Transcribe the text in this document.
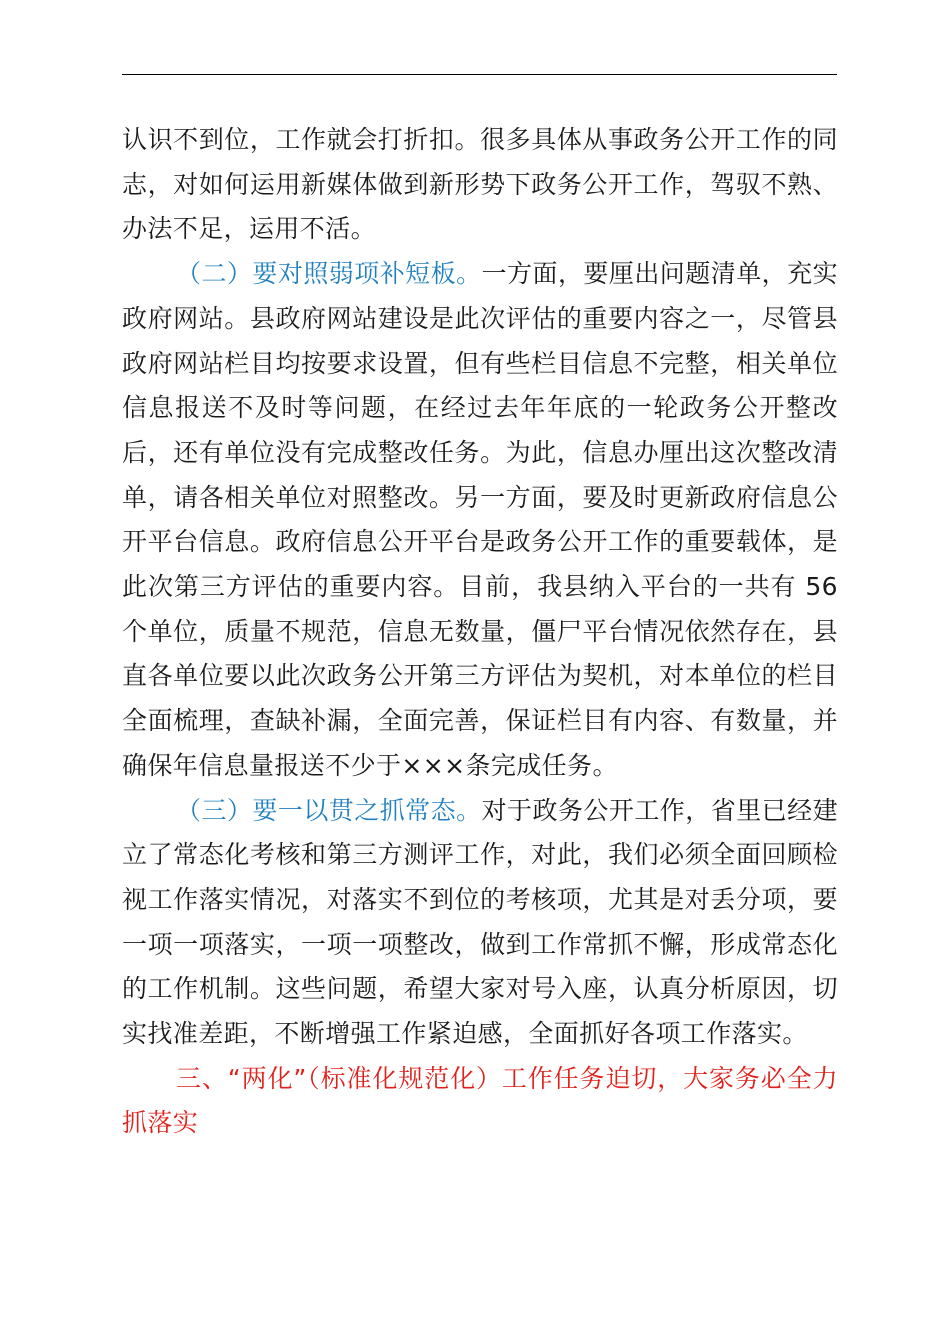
认识不到位，工作就会打折扣。很多具体从事政务公开工作的同志，对如何运用新媒体做到新形势下政务公开工作，驾驭不熟、办法不足，运用不活。

（二）要对照弱项补短板。一方面，要厘出问题清单，充实政府网站。县政府网站建设是此次评估的重要内容之一，尽管县政府网站栏目均按要求设置，但有些栏目信息不完整，相关单位信息报送不及时等问题，在经过去年年底的一轮政务公开整改后，还有单位没有完成整改任务。为此，信息办厘出这次整改清单，请各相关单位对照整改。另一方面，要及时更新政府信息公开平台信息。政府信息公开平台是政务公开工作的重要载体，是此次第三方评估的重要内容。目前，我县纳入平台的一共有 56 个单位，质量不规范，信息无数量，僵尸平台情况依然存在，县直各单位要以此次政务公开第三方评估为契机，对本单位的栏目全面梳理，查缺补漏，全面完善，保证栏目有内容、有数量，并确保年信息量报送不少于×××条完成任务。

（三）要一以贯之抓常态。对于政务公开工作，省里已经建立了常态化考核和第三方测评工作，对此，我们必须全面回顾检视工作落实情况，对落实不到位的考核项，尤其是对丢分项，要一项一项落实，一项一项整改，做到工作常抓不懈，形成常态化的工作机制。这些问题，希望大家对号入座，认真分析原因，切实找准差距，不断增强工作紧迫感，全面抓好各项工作落实。

三、“两化”（标准化规范化）工作任务迫切，大家务必全力抓落实
